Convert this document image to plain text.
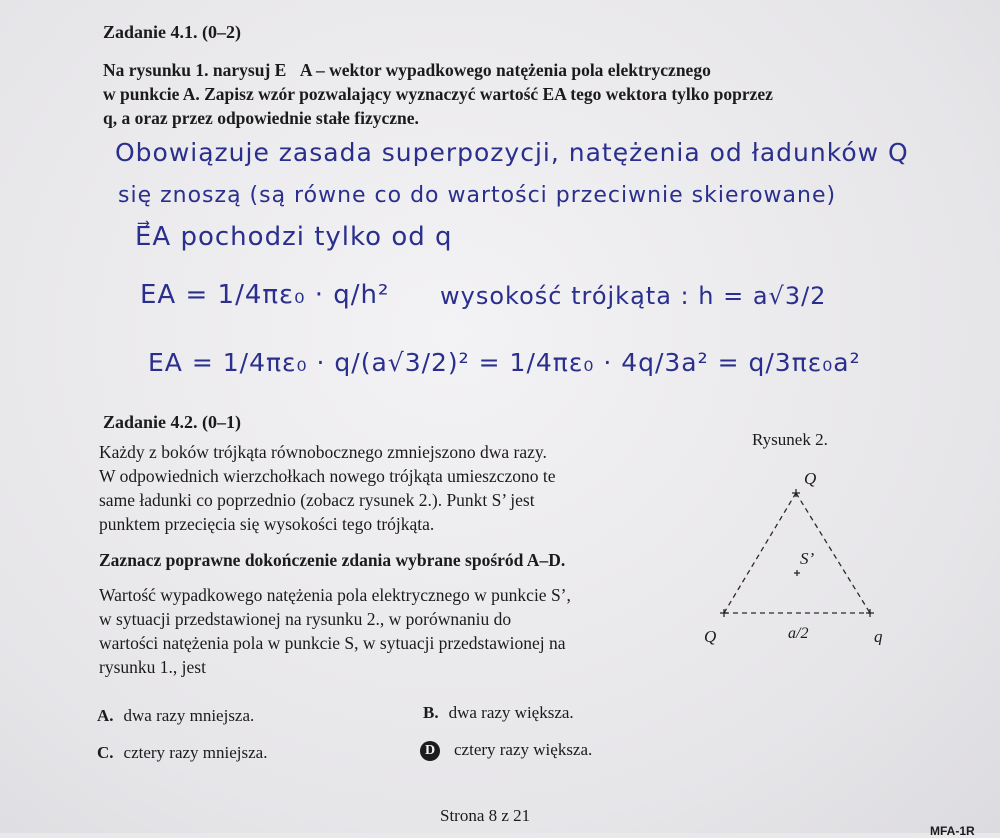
Zadanie 4.1. (0–2)
Na rysunku 1. narysuj E⃗A – wektor wypadkowego natężenia pola elektrycznego
w punkcie A. Zapisz wzór pozwalający wyznaczyć wartość EA tego wektora tylko poprzez
q, a oraz przez odpowiednie stałe fizyczne.
Obowiązuje zasada superpozycji, natężenia od ładunków Q
się znoszą (są równe co do wartości przeciwnie skierowane)
E⃗A pochodzi tylko od q
EA = 1/4πε₀ · q/h² wysokość trójkąta : h = a√3/2
EA = 1/4πε₀ · q/(a√3/2)² = 1/4πε₀ · 4q/3a² = q/3πε₀a²
Zadanie 4.2. (0–1)
Każdy z boków trójkąta równobocznego zmniejszono dwa razy.
W odpowiednich wierzchołkach nowego trójkąta umieszczono te
same ładunki co poprzednio (zobacz rysunek 2.). Punkt S’ jest
punktem przecięcia się wysokości tego trójkąta.
Zaznacz poprawne dokończenie zdania wybrane spośród A–D.
Wartość wypadkowego natężenia pola elektrycznego w punkcie S’,
w sytuacji przedstawionej na rysunku 2., w porównaniu do
wartości natężenia pola w punkcie S, w sytuacji przedstawionej na
rysunku 1., jest
A. dwa razy mniejsza.	B. dwa razy większa.
C. cztery razy mniejsza.	D cztery razy większa.
Rysunek 2.
Q
Q	q
S’
a/2
Strona 8 z 21
MFA-1R
